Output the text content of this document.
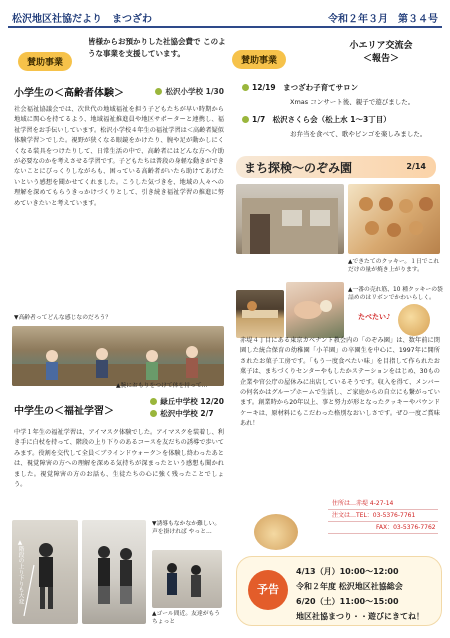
松沢地区社協だより　まつざわ	令和２年３月　第３４号
賛助事業
皆様からお預かりした社協会費で このような事業を支援しています。
小学生の＜高齢者体験＞	松沢小学校 1/30
社会福祉協議会では、次世代の地域福祉を担う子どもたちが早い時期から地域に関心を持てるよう、地域福祉推進員や地区サポーターと連携し、福祉学習をお手伝いしています。松沢小学校４年生の福祉学習は＜高齢者疑似体験学習＞でした。視野が狭くなる眼鏡をかけたり、腕や足が動かしにくくなる装具をつけたりして、日常生活の中で、高齢者にはどんな方へ介助が必要なのかを考えさせる学習です。子どもたちは普段の身軽な動きができないことにびっくりしながらも、困っている高齢者がいたら助けてあげたいという感想を聞かせてくれました。こうした気づきを、地域の人々への理解を深めてもらうきっかけづくりとして、引き続き福祉学習の推進に努めていきたいと考えています。
▼高齢者ってどんな感じなのだろう？
▲腕におもりをつけて体を持って…
中学生の＜福祉学習＞
緑丘中学校 12/20
松沢中学校 2/7
中学１年生の福祉学習は、アイマスク体験でした。アイマスクを装着し、利き手に白杖を持って、階段の上り下りのあるコースを友だちの誘導で歩いてみます。役割を交代して全員＜ブラインドウォーク＞を体験し終わったあとは、視覚障害の方への理解を深める気持ちが深まったという感想も聞かれました。視覚障害の方のお話も、生徒たちの心に強く残ったことでしょう。
▲階段の上り下りも大変
▼誘導もなかなか難しい。声を掛ければ やっと…
▲ゴール間近。友達がもうちょっと
賛助事業
小エリア交流会
＜報告＞
12/19　まつざわ子育てサロン
Xmas コンサート後、親子で遊びました。
1/7　松沢さくら会（松上水 1〜3丁目）
お弁当を食べて、歌やビンゴを楽しみました。
まち探検～のぞみ園	2/14
▲できたてのクッキー。１日でこれだけの量が焼き上がります。
▲一番の売れ筋、10 種クッキーの袋詰めのはリボンでかわいらしく。
たべたい♪
赤堤４丁目にある東京カベナント教会内の「のぞみ園」は、数年前に閉園した統合保育の幼稚園「小羊園」の卒園生を中心に、1997年に開所されたお菓子工房です。「もう一度食べたい味」を目指して作られたお菓子は、まちづくりセンターやもしたかステーションをはじめ、30もの企業や官公庁の屋休みに出店しているそうです。収入を得て、メンバーの何名かはグループホームで生活し、ご家庭からの自立にも繋がっています。創業時から20年以上、事と努力が形となったクッキーやパウンドケーキは、原材料にもこだわった格別なおいしさです。ぜひ一度ご賞味あれ！
住所は…赤堤 4-27-14
注文は…TEL：03-5376-7761
FAX：03-5376-7762
予告
4/13（月）10:00〜12:00
令和２年度 松沢地区社協総会
6/20（土）11:00〜15:00
地区社協まつり・・遊びにきてね！
